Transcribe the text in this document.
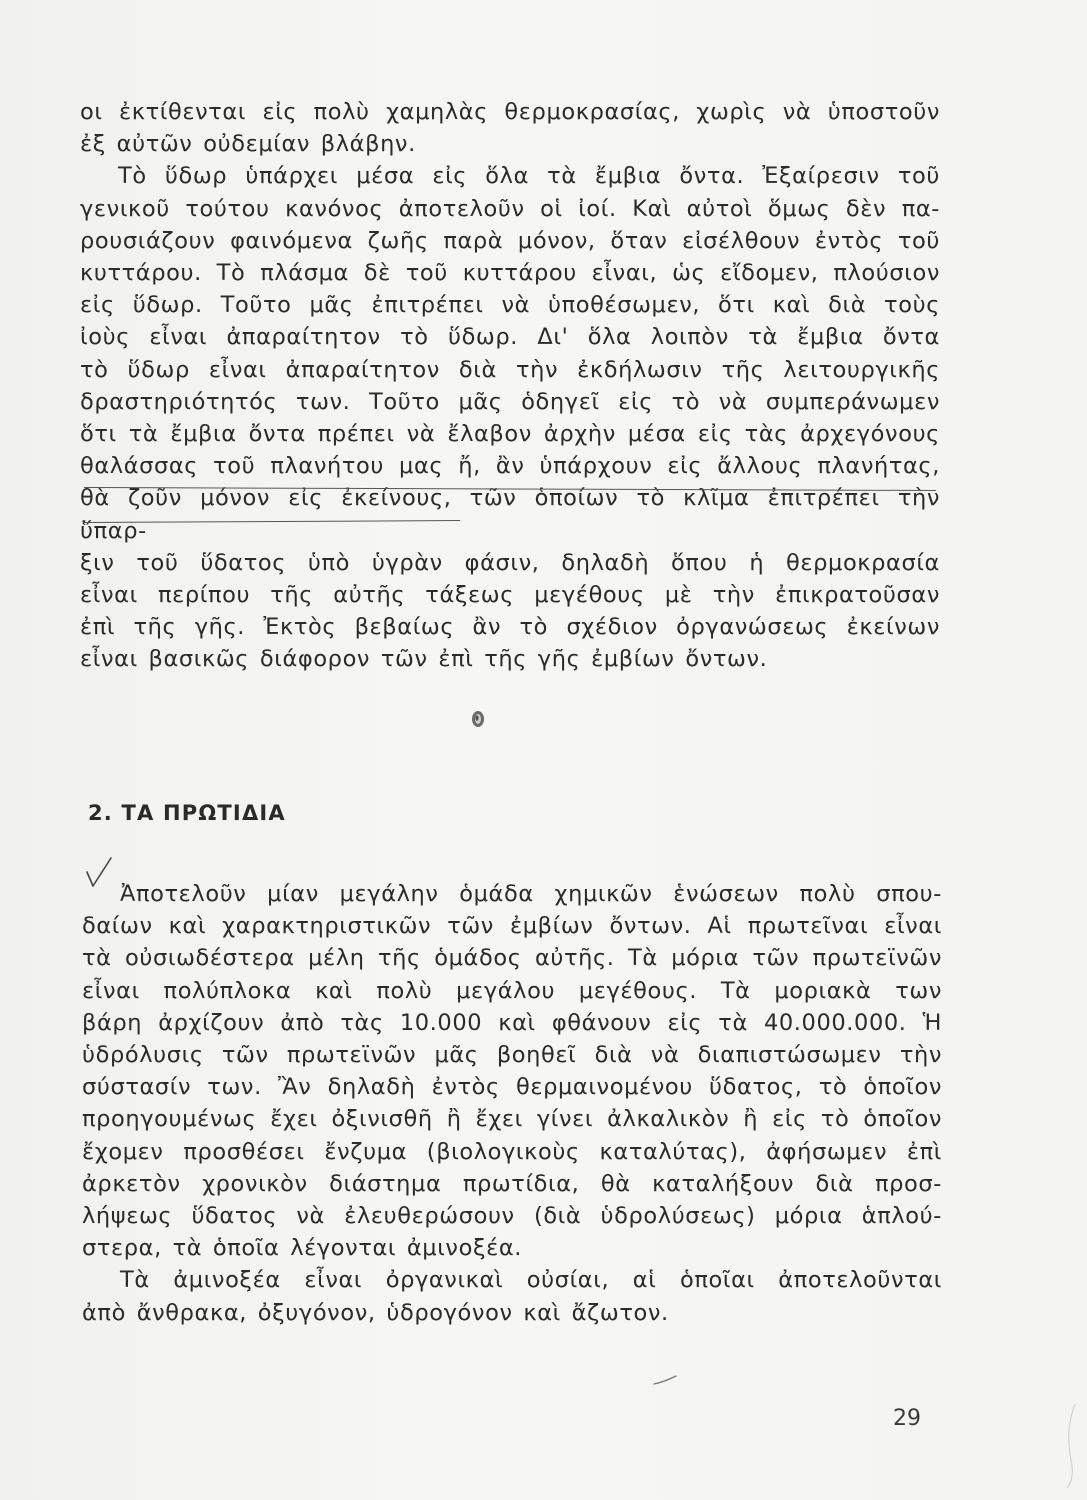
οι ἐκτίθενται εἰς πολὺ χαμηλὰς θερμοκρασίας, χωρὶς νὰ ὑποστοῦν

ἐξ αὐτῶν οὐδεμίαν βλάβην.

Τὸ ὕδωρ ὑπάρχει μέσα εἰς ὅλα τὰ ἔμβια ὄντα. Ἐξαίρεσιν τοῦ

γενικοῦ τούτου κανόνος ἀποτελοῦν οἱ ἰοί. Καὶ αὐτοὶ ὅμως δὲν πα-

ρουσιάζουν φαινόμενα ζωῆς παρὰ μόνον, ὅταν εἰσέλθουν ἐντὸς τοῦ

κυττάρου. Τὸ πλάσμα δὲ τοῦ κυττάρου εἶναι, ὡς εἴδομεν, πλούσιον

εἰς ὕδωρ. Τοῦτο μᾶς ἐπιτρέπει νὰ ὑποθέσωμεν, ὅτι καὶ διὰ τοὺς

ἰοὺς εἶναι ἀπαραίτητον τὸ ὕδωρ. Δι' ὅλα λοιπὸν τὰ ἔμβια ὄντα

τὸ ὕδωρ εἶναι ἀπαραίτητον διὰ τὴν ἐκδήλωσιν τῆς λειτουργικῆς

δραστηριότητός των. Τοῦτο μᾶς ὁδηγεῖ εἰς τὸ νὰ συμπεράνωμεν

ὅτι τὰ ἔμβια ὄντα πρέπει νὰ ἔλαβον ἀρχὴν μέσα εἰς τὰς ἀρχεγόνους

θαλάσσας τοῦ πλανήτου μας ἤ, ἂν ὑπάρχουν εἰς ἄλλους πλανήτας,

θὰ ζοῦν μόνον εἰς ἐκείνους, τῶν ὁποίων τὸ κλῖμα ἐπιτρέπει τὴν ὕπαρ-

ξιν τοῦ ὕδατος ὑπὸ ὑγρὰν φάσιν, δηλαδὴ ὅπου ἡ θερμοκρασία

εἶναι περίπου τῆς αὐτῆς τάξεως μεγέθους μὲ τὴν ἐπικρατοῦσαν

ἐπὶ τῆς γῆς. Ἐκτὸς βεβαίως ἂν τὸ σχέδιον ὀργανώσεως ἐκείνων

εἶναι βασικῶς διάφορον τῶν ἐπὶ τῆς γῆς ἐμβίων ὄντων.

2. ΤΑ ΠΡΩΤΙΔΙΑ

Ἀποτελοῦν μίαν μεγάλην ὁμάδα χημικῶν ἑνώσεων πολὺ σπου-

δαίων καὶ χαρακτηριστικῶν τῶν ἐμβίων ὄντων. Αἱ πρωτεῖναι εἶναι

τὰ οὐσιωδέστερα μέλη τῆς ὁμάδος αὐτῆς. Τὰ μόρια τῶν πρωτεϊνῶν

εἶναι πολύπλοκα καὶ πολὺ μεγάλου μεγέθους. Τὰ μοριακὰ των

βάρη ἀρχίζουν ἀπὸ τὰς 10.000 καὶ φθάνουν εἰς τὰ 40.000.000. Ἡ

ὑδρόλυσις τῶν πρωτεϊνῶν μᾶς βοηθεῖ διὰ νὰ διαπιστώσωμεν τὴν

σύστασίν των. Ἂν δηλαδὴ ἐντὸς θερμαινομένου ὕδατος, τὸ ὁποῖον

προηγουμένως ἔχει ὀξινισθῆ ἢ ἔχει γίνει ἀλκαλικὸν ἢ εἰς τὸ ὁποῖον

ἔχομεν προσθέσει ἔνζυμα (βιολογικοὺς καταλύτας), ἀφήσωμεν ἐπὶ

ἀρκετὸν χρονικὸν διάστημα πρωτίδια, θὰ καταλήξουν διὰ προσ-

λήψεως ὕδατος νὰ ἐλευθερώσουν (διὰ ὑδρολύσεως) μόρια ἁπλού-

στερα, τὰ ὁποῖα λέγονται ἀμινοξέα.

Τὰ ἀμινοξέα εἶναι ὀργανικαὶ οὐσίαι, αἱ ὁποῖαι ἀποτελοῦνται

ἀπὸ ἄνθρακα, ὀξυγόνον, ὑδρογόνον καὶ ἄζωτον.

29
